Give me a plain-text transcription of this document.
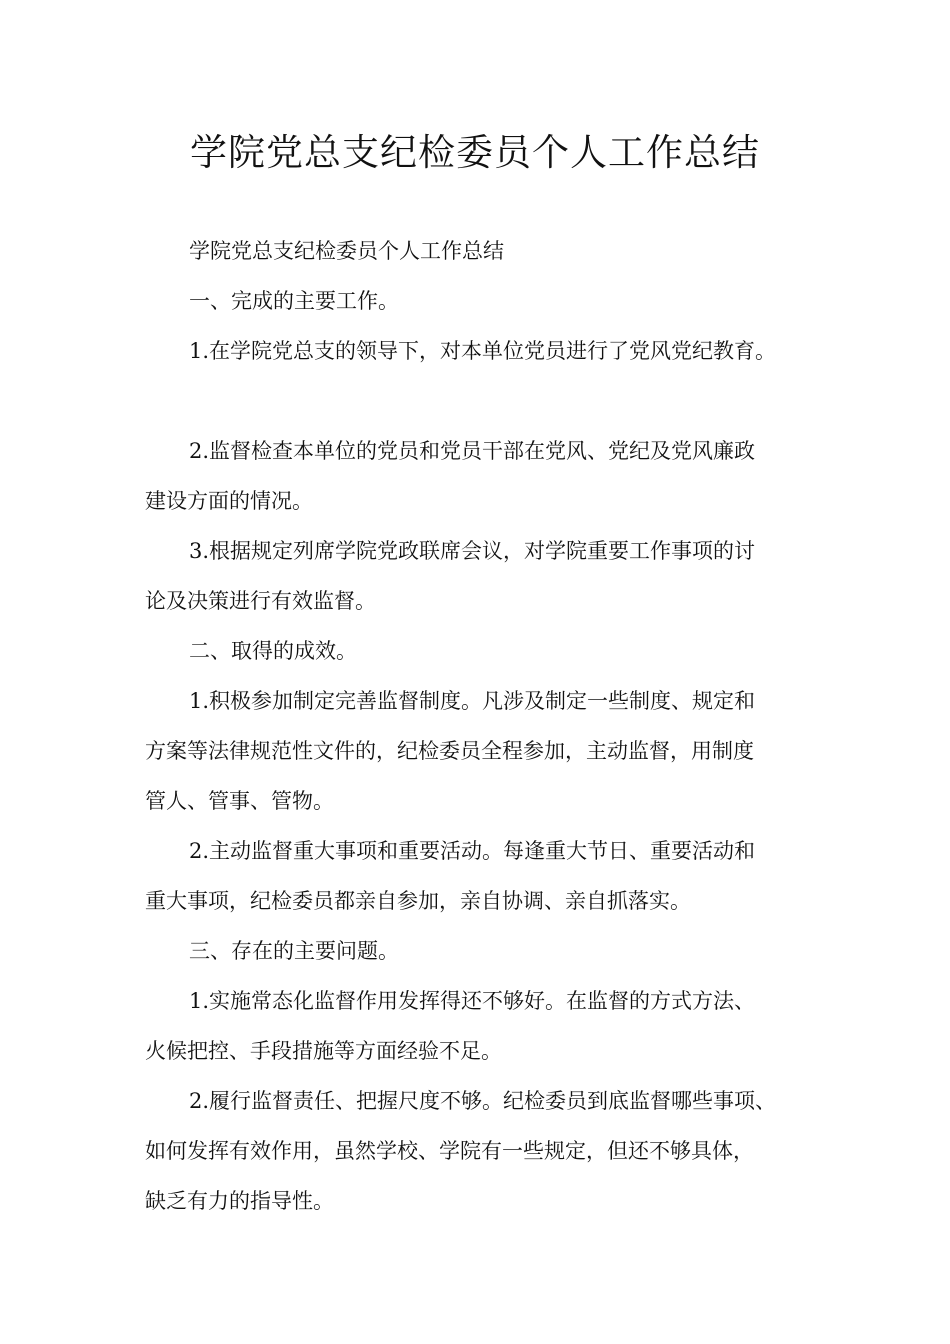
学院党总支纪检委员个人工作总结
学院党总支纪检委员个人工作总结
一、完成的主要工作。
1.在学院党总支的领导下，对本单位党员进行了党风党纪教育。
2.监督检查本单位的党员和党员干部在党风、党纪及党风廉政
建设方面的情况。
3.根据规定列席学院党政联席会议，对学院重要工作事项的讨
论及决策进行有效监督。
二、取得的成效。
1.积极参加制定完善监督制度。凡涉及制定一些制度、规定和
方案等法律规范性文件的，纪检委员全程参加，主动监督，用制度
管人、管事、管物。
2.主动监督重大事项和重要活动。每逢重大节日、重要活动和
重大事项，纪检委员都亲自参加，亲自协调、亲自抓落实。
三、存在的主要问题。
1.实施常态化监督作用发挥得还不够好。在监督的方式方法、
火候把控、手段措施等方面经验不足。
2.履行监督责任、把握尺度不够。纪检委员到底监督哪些事项、
如何发挥有效作用，虽然学校、学院有一些规定，但还不够具体，
缺乏有力的指导性。
